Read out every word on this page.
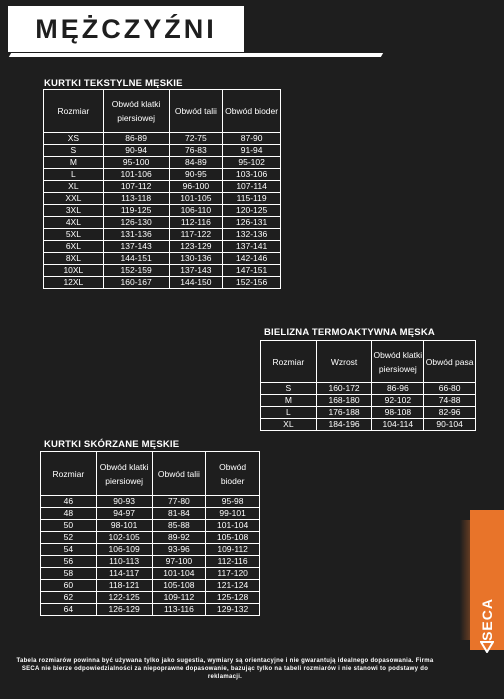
MĘŻCZYŹNI
KURTKI TEKSTYLNE MĘSKIE
Rozmiar	Obwód klatki piersiowej	Obwód talii	Obwód bioder
XS	86-89	72-75	87-90
S	90-94	76-83	91-94
M	95-100	84-89	95-102
L	101-106	90-95	103-106
XL	107-112	96-100	107-114
XXL	113-118	101-105	115-119
3XL	119-125	106-110	120-125
4XL	126-130	112-116	126-131
5XL	131-136	117-122	132-136
6XL	137-143	123-129	137-141
8XL	144-151	130-136	142-146
10XL	152-159	137-143	147-151
12XL	160-167	144-150	152-156
BIELIZNA TERMOAKTYWNA MĘSKA
Rozmiar	Wzrost	Obwód klatki piersiowej	Obwód pasa
S	160-172	86-96	66-80
M	168-180	92-102	74-88
L	176-188	98-108	82-96
XL	184-196	104-114	90-104
KURTKI SKÓRZANE MĘSKIE
Rozmiar	Obwód klatki piersiowej	Obwód talii	Obwód bioder
46	90-93	77-80	95-98
48	94-97	81-84	99-101
50	98-101	85-88	101-104
52	102-105	89-92	105-108
54	106-109	93-96	109-112
56	110-113	97-100	112-116
58	114-117	101-104	117-120
60	118-121	105-108	121-124
62	122-125	109-112	125-128
64	126-129	113-116	129-132	SECA
Tabela rozmiarów powinna być używana tylko jako sugestia, wymiary są orientacyjne i nie gwarantują idealnego dopasowania. Firma SECA nie bierze odpowiedzialności za niepoprawne dopasowanie, bazując tylko na tabeli rozmiarów i nie stanowi to podstawy do reklamacji.
